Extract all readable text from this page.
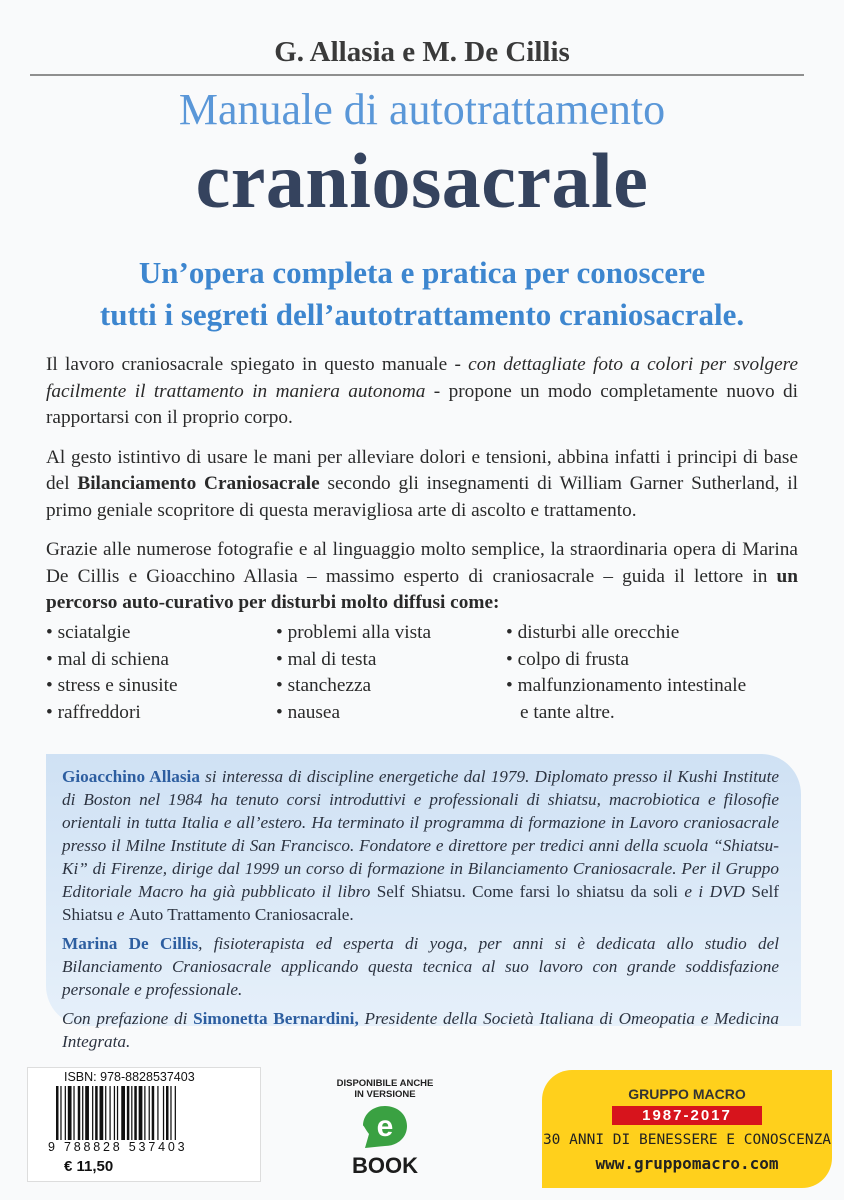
G. Allasia e M. De Cillis
Manuale di autotrattamento
craniosacrale
Un’opera completa e pratica per conoscere
tutti i segreti dell’autotrattamento craniosacrale.

Il lavoro craniosacrale spiegato in questo manuale - con dettagliate foto a colori per svolgere facilmente il trattamento in maniera autonoma - propone un modo completamente nuovo di rapportarsi con il proprio corpo.

Al gesto istintivo di usare le mani per alleviare dolori e tensioni, abbina infatti i principi di base del Bilanciamento Craniosacrale secondo gli insegnamenti di William Garner Sutherland, il primo geniale scopritore di questa meravigliosa arte di ascolto e trattamento.

Grazie alle numerose fotografie e al linguaggio molto semplice, la straordinaria opera di Marina De Cillis e Gioacchino Allasia – massimo esperto di craniosacrale – guida il lettore in un percorso auto-curativo per disturbi molto diffusi come:

• sciatalgie
• mal di schiena
• stress e sinusite
• raffreddori
• problemi alla vista
• mal di testa
• stanchezza
• nausea
• disturbi alle orecchie
• colpo di frusta
• malfunzionamento intestinale
e tante altre.

Gioacchino Allasia si interessa di discipline energetiche dal 1979. Diplomato presso il Kushi Institute di Boston nel 1984 ha tenuto corsi introduttivi e professionali di shiatsu, macrobiotica e filosofie orientali in tutta Italia e all’estero. Ha terminato il programma di formazione in Lavoro craniosacrale presso il Milne Institute di San Francisco. Fondatore e direttore per tredici anni della scuola “Shiatsu-Ki” di Firenze, dirige dal 1999 un corso di formazione in Bilanciamento Craniosacrale. Per il Gruppo Editoriale Macro ha già pubblicato il libro Self Shiatsu. Come farsi lo shiatsu da soli e i DVD Self Shiatsu e Auto Trattamento Craniosacrale.

Marina De Cillis, fisioterapista ed esperta di yoga, per anni si è dedicata allo studio del Bilanciamento Craniosacrale applicando questa tecnica al suo lavoro con grande soddisfazione personale e professionale.

Con prefazione di Simonetta Bernardini, Presidente della Società Italiana di Omeopatia e Medicina Integrata.

ISBN: 978-8828537403
9 788828 537403
€ 11,50
DISPONIBILE ANCHE
IN VERSIONE
e
BOOK
GRUPPO MACRO
1987-2017
30 ANNI DI BENESSERE E CONOSCENZA
www.gruppomacro.com
